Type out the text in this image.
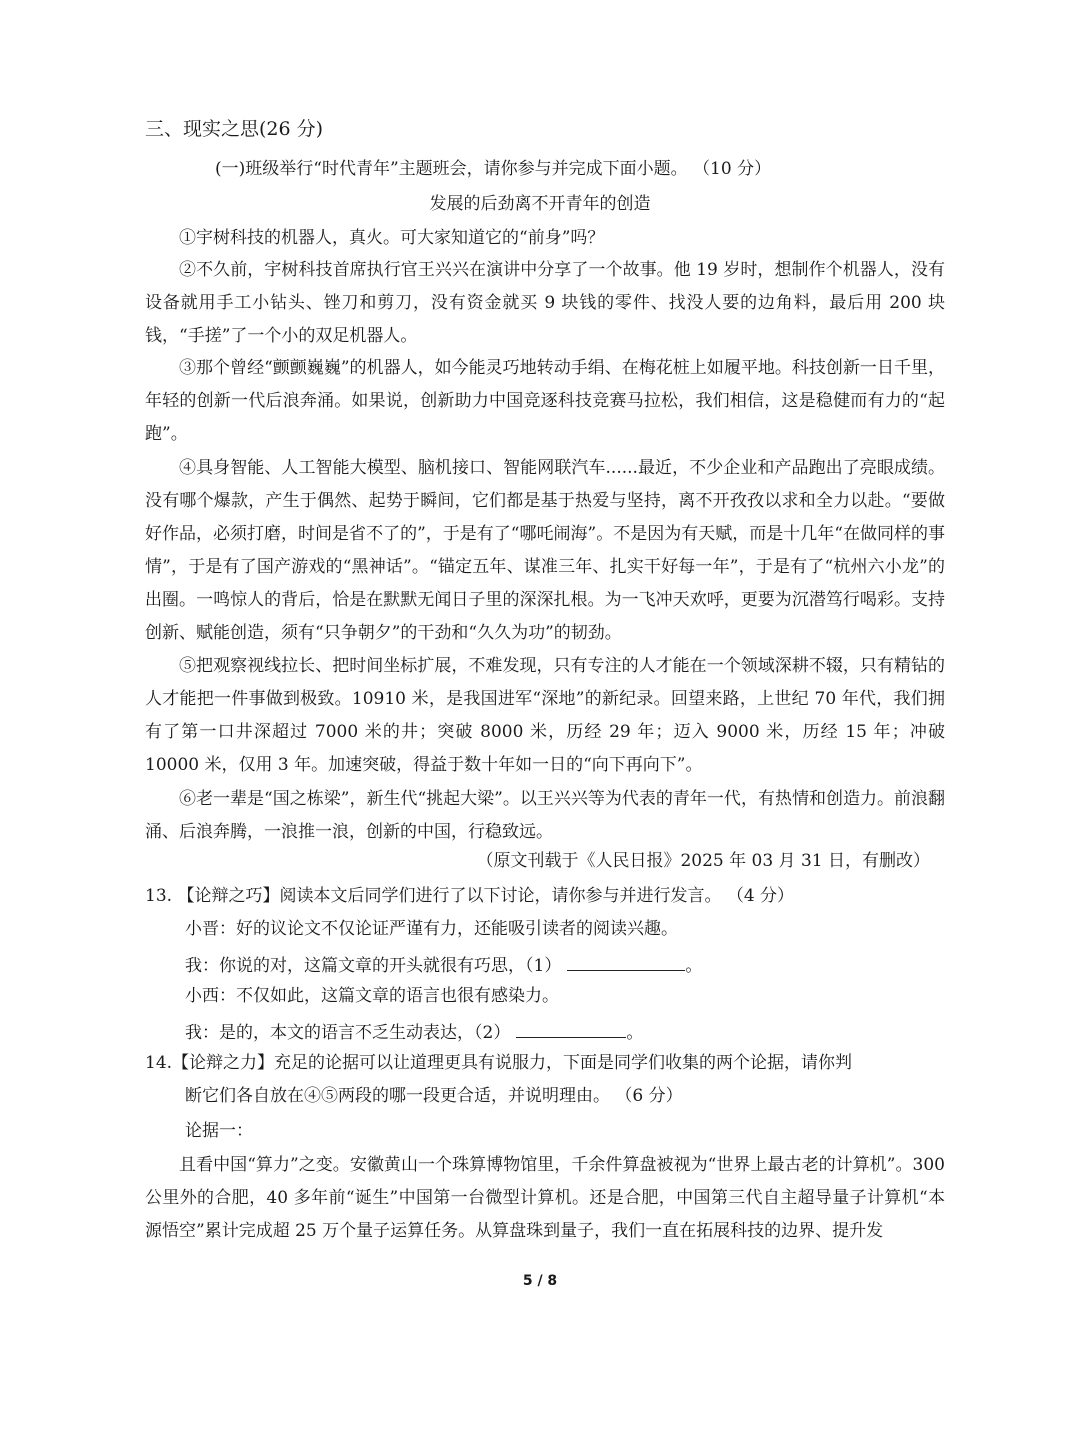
三、现实之思(26 分)
(一)班级举行“时代青年”主题班会，请你参与并完成下面小题。 （10 分）
发展的后劲离不开青年的创造
①宇树科技的机器人，真火。可大家知道它的“前身”吗？
②不久前，宇树科技首席执行官王兴兴在演讲中分享了一个故事。他 19 岁时，想制作个机器人，没有设备就用手工小钻头、锉刀和剪刀，没有资金就买 9 块钱的零件、找没人要的边角料，最后用 200 块钱，“手搓”了一个小的双足机器人。
③那个曾经“颤颤巍巍”的机器人，如今能灵巧地转动手绢、在梅花桩上如履平地。科技创新一日千里，年轻的创新一代后浪奔涌。如果说，创新助力中国竞逐科技竞赛马拉松，我们相信，这是稳健而有力的“起跑”。
④具身智能、人工智能大模型、脑机接口、智能网联汽车......最近，不少企业和产品跑出了亮眼成绩。没有哪个爆款，产生于偶然、起势于瞬间，它们都是基于热爱与坚持，离不开孜孜以求和全力以赴。“要做好作品，必须打磨，时间是省不了的”，于是有了“哪吒闹海”。不是因为有天赋，而是十几年“在做同样的事情”，于是有了国产游戏的“黑神话”。“锚定五年、谋准三年、扎实干好每一年”，于是有了“杭州六小龙”的出圈。一鸣惊人的背后，恰是在默默无闻日子里的深深扎根。为一飞冲天欢呼，更要为沉潜笃行喝彩。支持创新、赋能创造，须有“只争朝夕”的干劲和“久久为功”的韧劲。
⑤把观察视线拉长、把时间坐标扩展，不难发现，只有专注的人才能在一个领域深耕不辍，只有精钻的人才能把一件事做到极致。10910 米，是我国进军“深地”的新纪录。回望来路，上世纪 70 年代，我们拥有了第一口井深超过 7000 米的井；突破 8000 米，历经 29 年；迈入 9000 米，历经 15 年；冲破 10000 米，仅用 3 年。加速突破，得益于数十年如一日的“向下再向下”。
⑥老一辈是“国之栋梁”，新生代“挑起大梁”。以王兴兴等为代表的青年一代，有热情和创造力。前浪翻涌、后浪奔腾，一浪推一浪，创新的中国，行稳致远。
（原文刊载于《人民日报》2025 年 03 月 31 日，有删改）
13. 【论辩之巧】阅读本文后同学们进行了以下讨论，请你参与并进行发言。 （4 分）
小晋：好的议论文不仅论证严谨有力，还能吸引读者的阅读兴趣。
我：你说的对，这篇文章的开头就很有巧思，（1）	。
小西：不仅如此，这篇文章的语言也很有感染力。
我：是的，本文的语言不乏生动表达，（2）	。
14.【论辩之力】充足的论据可以让道理更具有说服力，下面是同学们收集的两个论据，请你判
断它们各自放在④⑤两段的哪一段更合适，并说明理由。 （6 分）
论据一：
且看中国“算力”之变。安徽黄山一个珠算博物馆里，千余件算盘被视为“世界上最古老的计算机”。300 公里外的合肥，40 多年前“诞生”中国第一台微型计算机。还是合肥，中国第三代自主超导量子计算机“本源悟空”累计完成超 25 万个量子运算任务。从算盘珠到量子，我们一直在拓展科技的边界、提升发
5 / 8
